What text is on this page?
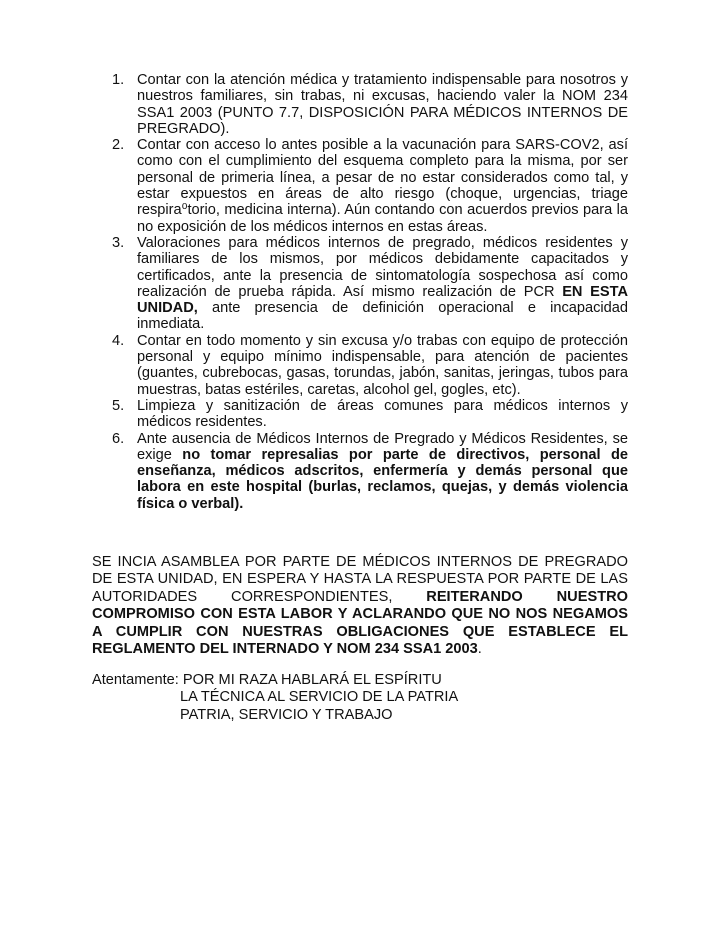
1. Contar con la atención médica y tratamiento indispensable para nosotros y nuestros familiares, sin trabas, ni excusas, haciendo valer la NOM 234 SSA1 2003 (PUNTO 7.7, DISPOSICIÓN PARA MÉDICOS INTERNOS DE PREGRADO).
2. Contar con acceso lo antes posible a la vacunación para SARS-COV2, así como con el cumplimiento del esquema completo para la misma, por ser personal de primeria línea, a pesar de no estar considerados como tal, y estar expuestos en áreas de alto riesgo (choque, urgencias, triage respira⁰torio, medicina interna). Aún contando con acuerdos previos para la no exposición de los médicos internos en estas áreas.
3. Valoraciones para médicos internos de pregrado, médicos residentes y familiares de los mismos, por médicos debidamente capacitados y certificados, ante la presencia de sintomatología sospechosa así como realización de prueba rápida. Así mismo realización de PCR EN ESTA UNIDAD, ante presencia de definición operacional e incapacidad inmediata.
4. Contar en todo momento y sin excusa y/o trabas con equipo de protección personal y equipo mínimo indispensable, para atención de pacientes (guantes, cubrebocas, gasas, torundas, jabón, sanitas, jeringas, tubos para muestras, batas estériles, caretas, alcohol gel, gogles, etc).
5. Limpieza y sanitización de áreas comunes para médicos internos y médicos residentes.
6. Ante ausencia de Médicos Internos de Pregrado y Médicos Residentes, se exige no tomar represalias por parte de directivos, personal de enseñanza, médicos adscritos, enfermería y demás personal que labora en este hospital (burlas, reclamos, quejas, y demás violencia física o verbal).

SE INCIA ASAMBLEA POR PARTE DE MÉDICOS INTERNOS DE PREGRADO DE ESTA UNIDAD, EN ESPERA Y HASTA LA RESPUESTA POR PARTE DE LAS AUTORIDADES CORRESPONDIENTES, REITERANDO NUESTRO COMPROMISO CON ESTA LABOR Y ACLARANDO QUE NO NOS NEGAMOS A CUMPLIR CON NUESTRAS OBLIGACIONES QUE ESTABLECE EL REGLAMENTO DEL INTERNADO Y NOM 234 SSA1 2003.

Atentamente: POR MI RAZA HABLARÁ EL ESPÍRITU
LA TÉCNICA AL SERVICIO DE LA PATRIA
PATRIA, SERVICIO Y TRABAJO
